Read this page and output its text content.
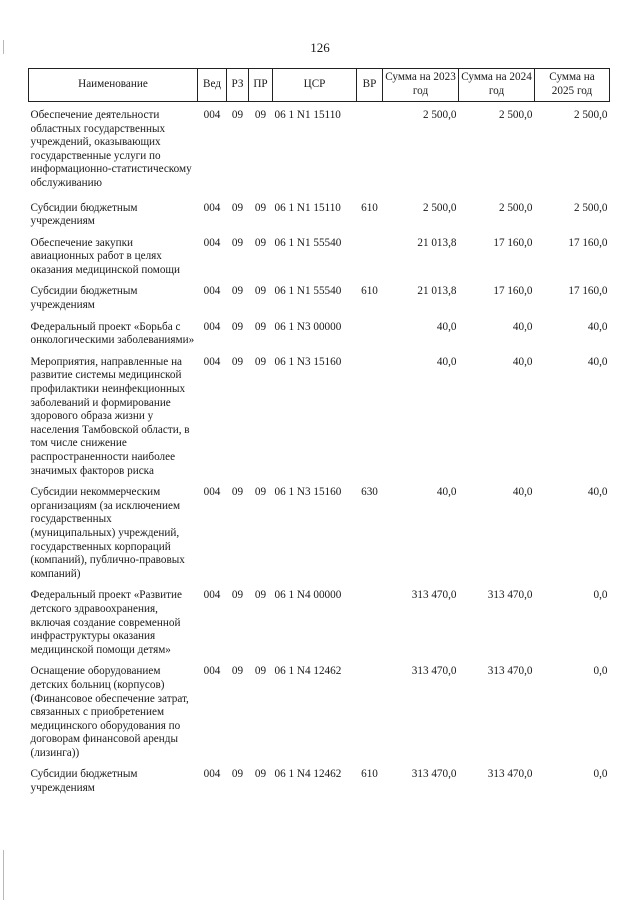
126
Наименование	Вед	РЗ	ПР	ЦСР	ВР	Сумма на 2023 год	Сумма на 2024 год	Сумма на 2025 год
Обеспечение деятельности областных государственных учреждений, оказывающих государственные услуги по информационно-статистическому обслуживанию	004	09	09	06 1 N1 15110		2 500,0	2 500,0	2 500,0
Субсидии бюджетным учреждениям	004	09	09	06 1 N1 15110	610	2 500,0	2 500,0	2 500,0
Обеспечение закупки авиационных работ в целях оказания медицинской помощи	004	09	09	06 1 N1 55540		21 013,8	17 160,0	17 160,0
Субсидии бюджетным учреждениям	004	09	09	06 1 N1 55540	610	21 013,8	17 160,0	17 160,0
Федеральный проект «Борьба с онкологическими заболеваниями»	004	09	09	06 1 N3 00000		40,0	40,0	40,0
Мероприятия, направленные на развитие системы медицинской профилактики неинфекционных заболеваний и формирование здорового образа жизни у населения Тамбовской области, в том числе снижение распространенности наиболее значимых факторов риска	004	09	09	06 1 N3 15160		40,0	40,0	40,0
Субсидии некоммерческим организациям (за исключением государственных (муниципальных) учреждений, государственных корпораций (компаний), публично-правовых компаний)	004	09	09	06 1 N3 15160	630	40,0	40,0	40,0
Федеральный проект «Развитие детского здравоохранения, включая создание современной инфраструктуры оказания медицинской помощи детям»	004	09	09	06 1 N4 00000		313 470,0	313 470,0	0,0
Оснащение оборудованием детских больниц (корпусов) (Финансовое обеспечение затрат, связанных с приобретением медицинского оборудования по договорам финансовой аренды (лизинга))	004	09	09	06 1 N4 12462		313 470,0	313 470,0	0,0
Субсидии бюджетным учреждениям	004	09	09	06 1 N4 12462	610	313 470,0	313 470,0	0,0
